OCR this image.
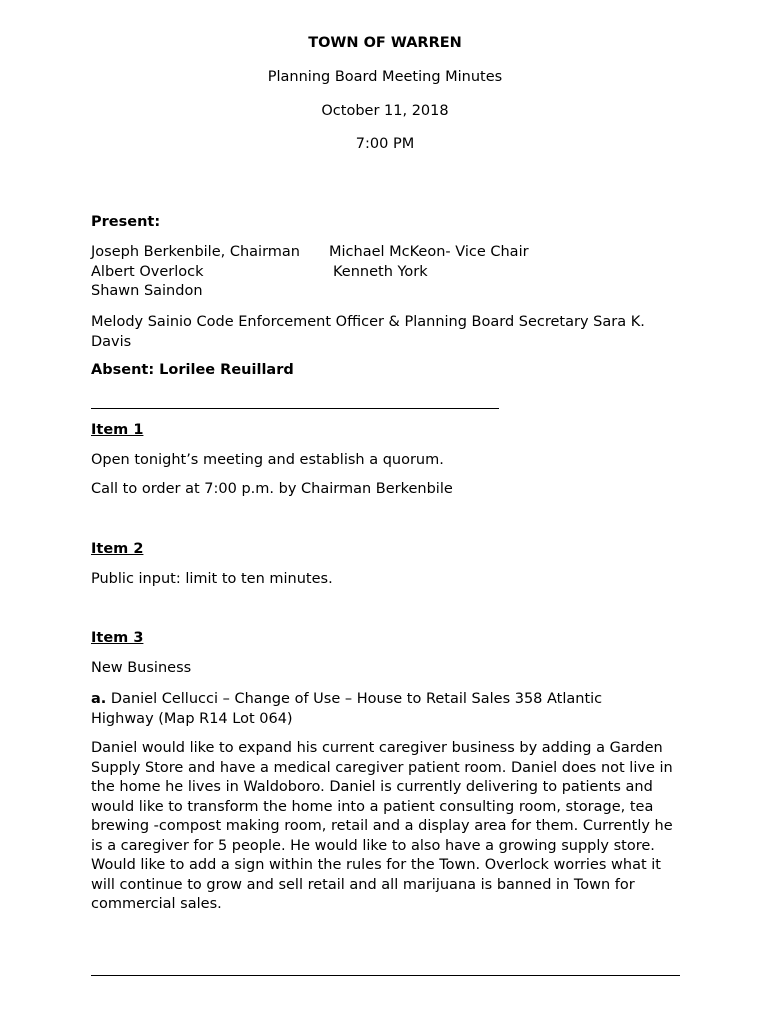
TOWN OF WARREN
Planning Board Meeting Minutes
October 11, 2018
7:00 PM
Present:
Joseph Berkenbile, Chairman Michael McKeon- Vice Chair
Albert Overlock	Kenneth York
Shawn Saindon
Melody Sainio Code Enforcement Officer & Planning Board Secretary Sara K. Davis
Absent: Lorilee Reuillard
Item 1
Open tonight’s meeting and establish a quorum.
Call to order at 7:00 p.m. by Chairman Berkenbile
Item 2
Public input: limit to ten minutes.
Item 3
New Business
a. Daniel Cellucci – Change of Use – House to Retail Sales 358 Atlantic Highway (Map R14 Lot 064)
Daniel would like to expand his current caregiver business by adding a Garden Supply Store and have a medical caregiver patient room. Daniel does not live in the home he lives in Waldoboro. Daniel is currently delivering to patients and would like to transform the home into a patient consulting room, storage, tea brewing -compost making room, retail and a display area for them. Currently he is a caregiver for 5 people. He would like to also have a growing supply store. Would like to add a sign within the rules for the Town. Overlock worries what it will continue to grow and sell retail and all marijuana is banned in Town for commercial sales.
